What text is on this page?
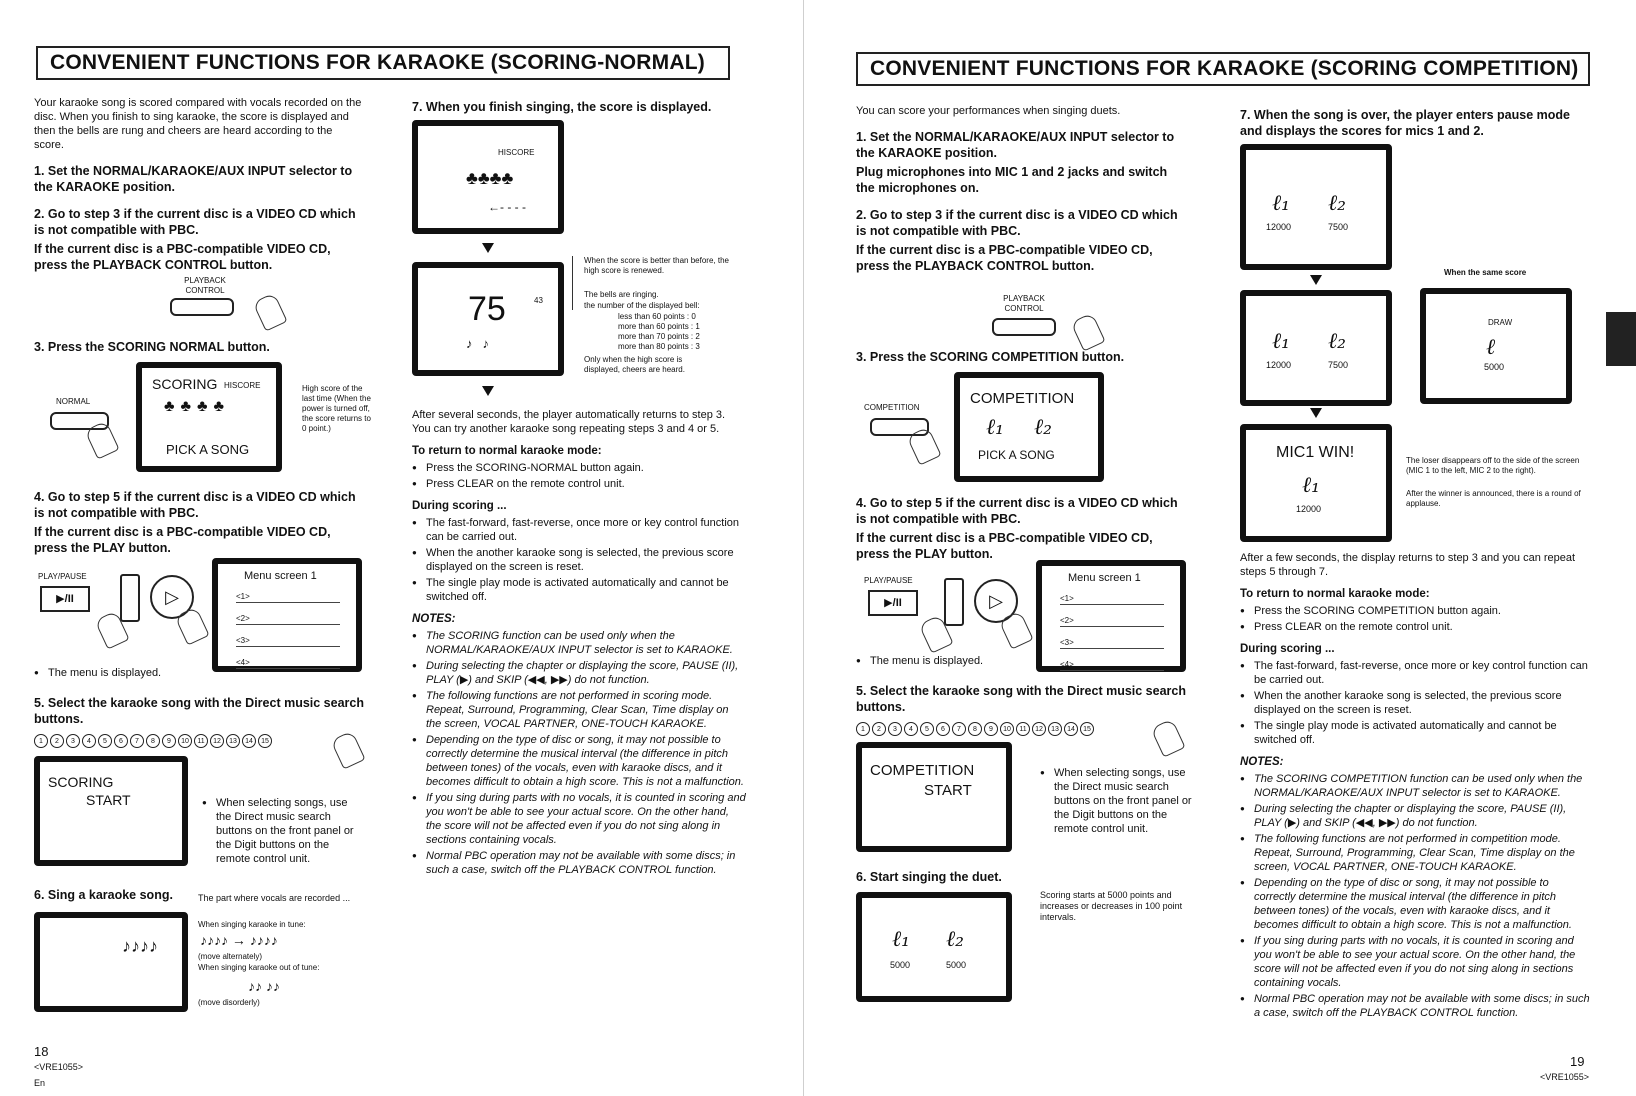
CONVENIENT FUNCTIONS FOR KARAOKE (SCORING-NORMAL)

Your karaoke song is scored compared with vocals recorded on the disc. When you finish to sing karaoke, the score is displayed and then the bells are rung and cheers are heard according to the score.

1. Set the NORMAL/KARAOKE/AUX INPUT selector to the KARAOKE position.
2. Go to step 3 if the current disc is a VIDEO CD which is not compatible with PBC.
If the current disc is a PBC-compatible VIDEO CD, press the PLAYBACK CONTROL button.
PLAYBACK CONTROL
3. Press the SCORING NORMAL button.
NORMAL
SCORING HISCORE
♣♣♣♣
PICK A SONG
High score of the last time (When the power is turned off, the score returns to 0 point.)
4. Go to step 5 if the current disc is a VIDEO CD which is not compatible with PBC.
If the current disc is a PBC-compatible VIDEO CD, press the PLAY button.
PLAY/PAUSE
▶/II	▷
Menu screen 1
<1>
<2>
<3>
<4>
● The menu is displayed.
5. Select the karaoke song with the Direct music search buttons.
1 2 3 4 5 6 7 8 9 10 11 12 13 14 15
SCORING
START	● When selecting songs, use the Direct music search buttons on the front panel or the Digit buttons on the remote control unit.
6. Sing a karaoke song.
♪♪♪♪
The part where vocals are recorded ...
When singing karaoke in tune:
♪♪♪♪ → ♪♪♪♪
(move alternately)
When singing karaoke out of tune:
♪♪ ♪♪
(move disorderly)
7. When you finish singing, the score is displayed.
HISCORE
♣♣♣♣
←- - - -
75	43
♪♪
When the score is better than before, the high score is renewed.
The bells are ringing.
the number of the displayed bell:
less than 60 points : 0
more than 60 points : 1
more than 70 points : 2
more than 80 points : 3
Only when the high score is displayed, cheers are heard.

After several seconds, the player automatically returns to step 3. You can try another karaoke song repeating steps 3 and 4 or 5.

To return to normal karaoke mode:
● Press the SCORING-NORMAL button again.
● Press CLEAR on the remote control unit.
During scoring ...
● The fast-forward, fast-reverse, once more or key control function can be carried out.
● When the another karaoke song is selected, the previous score displayed on the screen is reset.
● The single play mode is activated automatically and cannot be switched off.
NOTES:
● The SCORING function can be used only when the NORMAL/KARAOKE/AUX INPUT selector is set to KARAOKE.
● During selecting the chapter or displaying the score, PAUSE (II), PLAY (▶) and SKIP (◀◀, ▶▶) do not function.
● The following functions are not performed in scoring mode. Repeat, Surround, Programming, Clear Scan, Time display on the screen, VOCAL PARTNER, ONE-TOUCH KARAOKE.
● Depending on the type of disc or song, it may not possible to correctly determine the musical interval (the difference in pitch between tones) of the vocals, even with karaoke discs, and it becomes difficult to obtain a high score. This is not a malfunction.
● If you sing during parts with no vocals, it is counted in scoring and you won't be able to see your actual score. On the other hand, the score will not be affected even if you do not sing along in sections containing vocals.
● Normal PBC operation may not be available with some discs; in such a case, switch off the PLAYBACK CONTROL function.
18
<VRE1055>
En
CONVENIENT FUNCTIONS FOR KARAOKE (SCORING COMPETITION)

You can score your performances when singing duets.

1. Set the NORMAL/KARAOKE/AUX INPUT selector to the KARAOKE position.
Plug microphones into MIC 1 and 2 jacks and switch the microphones on.
2. Go to step 3 if the current disc is a VIDEO CD which is not compatible with PBC.
If the current disc is a PBC-compatible VIDEO CD, press the PLAYBACK CONTROL button.
PLAYBACK CONTROL
3. Press the SCORING COMPETITION button.
COMPETITION
COMPETITION
ℓ₁ ℓ₂
PICK A SONG
4. Go to step 5 if the current disc is a VIDEO CD which is not compatible with PBC.
If the current disc is a PBC-compatible VIDEO CD, press the PLAY button.
PLAY/PAUSE
▶/II	▷
Menu screen 1
<1>
<2>
<3>
<4>
● The menu is displayed.
5. Select the karaoke song with the Direct music search buttons.
1 2 3 4 5 6 7 8 9 10 11 12 13 14 15
COMPETITION
START
● When selecting songs, use the Direct music search buttons on the front panel or the Digit buttons on the remote control unit.
6. Start singing the duet.
ℓ₁ ℓ₂
5000	5000
Scoring starts at 5000 points and increases or decreases in 100 point intervals.
7. When the song is over, the player enters pause mode and displays the scores for mics 1 and 2.
ℓ₁ ℓ₂
12000	7500
ℓ₁ ℓ₂
12000	7500
When the same score
DRAW
ℓ
5000
MIC1 WIN!
ℓ₁
12000
The loser disappears off to the side of the screen (MIC 1 to the left, MIC 2 to the right).
After the winner is announced, there is a round of applause.

After a few seconds, the display returns to step 3 and you can repeat steps 5 through 7.

To return to normal karaoke mode:
● Press the SCORING COMPETITION button again.
● Press CLEAR on the remote control unit.
During scoring ...
● The fast-forward, fast-reverse, once more or key control function can be carried out.
● When the another karaoke song is selected, the previous score displayed on the screen is reset.
● The single play mode is activated automatically and cannot be switched off.
NOTES:
● The SCORING COMPETITION function can be used only when the NORMAL/KARAOKE/AUX INPUT selector is set to KARAOKE.
● During selecting the chapter or displaying the score, PAUSE (II), PLAY (▶) and SKIP (◀◀, ▶▶) do not function.
● The following functions are not performed in competition mode. Repeat, Surround, Programming, Clear Scan, Time display on the screen, VOCAL PARTNER, ONE-TOUCH KARAOKE.
● Depending on the type of disc or song, it may not possible to correctly determine the musical interval (the difference in pitch between tones) of the vocals, even with karaoke discs, and it becomes difficult to obtain a high score. This is not a malfunction.
● If you sing during parts with no vocals, it is counted in scoring and you won't be able to see your actual score. On the other hand, the score will not be affected even if you do not sing along in sections containing vocals.
● Normal PBC operation may not be available with some discs; in such a case, switch off the PLAYBACK CONTROL function.
19
<VRE1055>
